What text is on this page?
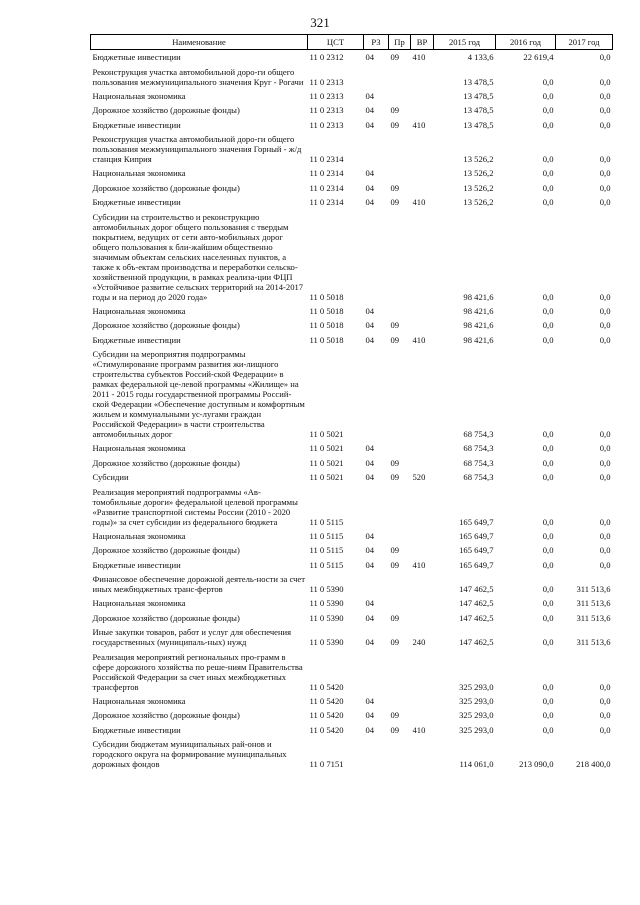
321
Наименование	ЦСТ	РЗ	Пр	ВР	2015 год	2016 год	2017 год
Бюджетные инвестиции	11 0 2312	04	09	410	4 133,6	22 619,4	0,0
Реконструкция участка автомобильной доро-ги общего пользования межмуниципального значения Круг - Рогачи	11 0 2313				13 478,5	0,0	0,0
Национальная экономика	11 0 2313	04			13 478,5	0,0	0,0
Дорожное хозяйство (дорожные фонды)	11 0 2313	04	09		13 478,5	0,0	0,0
Бюджетные инвестиции	11 0 2313	04	09	410	13 478,5	0,0	0,0
Реконструкция участка автомобильной доро-ги общего пользования межмуниципального значения Горный - ж/д станция Киприя	11 0 2314				13 526,2	0,0	0,0
Национальная экономика	11 0 2314	04			13 526,2	0,0	0,0
Дорожное хозяйство (дорожные фонды)	11 0 2314	04	09		13 526,2	0,0	0,0
Бюджетные инвестиции	11 0 2314	04	09	410	13 526,2	0,0	0,0
Субсидии на строительство и реконструкцию автомобильных дорог общего пользования с твердым покрытием, ведущих от сети авто-мобильных дорог общего пользования к бли-жайшим общественно значимым объектам сельских населенных пунктов, а также к объ-ектам производства и переработки сельско-хозяйственной продукции, в рамках реализа-ции ФЦП «Устойчивое развитие сельских территорий на 2014-2017 годы и на период до 2020 года»	11 0 5018				98 421,6	0,0	0,0
Национальная экономика	11 0 5018	04			98 421,6	0,0	0,0
Дорожное хозяйство (дорожные фонды)	11 0 5018	04	09		98 421,6	0,0	0,0
Бюджетные инвестиции	11 0 5018	04	09	410	98 421,6	0,0	0,0
Субсидии на мероприятия подпрограммы «Стимулирование программ развития жи-лищного строительства субъектов Россий-ской Федерации» в рамках федеральной це-левой программы «Жилище» на 2011 - 2015 годы государственной программы Россий-ской Федерации «Обеспечение доступным и комфортным жильем и коммунальными ус-лугами граждан Российской Федерации» в части строительства автомобильных дорог	11 0 5021				68 754,3	0,0	0,0
Национальная экономика	11 0 5021	04			68 754,3	0,0	0,0
Дорожное хозяйство (дорожные фонды)	11 0 5021	04	09		68 754,3	0,0	0,0
Субсидии	11 0 5021	04	09	520	68 754,3	0,0	0,0
Реализация мероприятий подпрограммы «Ав-томобильные дороги» федеральной целевой программы «Развитие транспортной системы России (2010 - 2020 годы)» за счет субсидии из федерального бюджета	11 0 5115				165 649,7	0,0	0,0
Национальная экономика	11 0 5115	04			165 649,7	0,0	0,0
Дорожное хозяйство (дорожные фонды)	11 0 5115	04	09		165 649,7	0,0	0,0
Бюджетные инвестиции	11 0 5115	04	09	410	165 649,7	0,0	0,0
Финансовое обеспечение дорожной деятель-ности за счет иных межбюджетных транс-фертов	11 0 5390				147 462,5	0,0	311 513,6
Национальная экономика	11 0 5390	04			147 462,5	0,0	311 513,6
Дорожное хозяйство (дорожные фонды)	11 0 5390	04	09		147 462,5	0,0	311 513,6
Иные закупки товаров, работ и услуг для обеспечения государственных (муниципаль-ных) нужд	11 0 5390	04	09	240	147 462,5	0,0	311 513,6
Реализация мероприятий региональных про-грамм в сфере дорожного хозяйства по реше-ниям Правительства Российской Федерации за счет иных межбюджетных трансфертов	11 0 5420				325 293,0	0,0	0,0
Национальная экономика	11 0 5420	04			325 293,0	0,0	0,0
Дорожное хозяйство (дорожные фонды)	11 0 5420	04	09		325 293,0	0,0	0,0
Бюджетные инвестиции	11 0 5420	04	09	410	325 293,0	0,0	0,0
Субсидии бюджетам муниципальных рай-онов и городского округа на формирование муниципальных дорожных фондов	11 0 7151				114 061,0	213 090,0	218 400,0
